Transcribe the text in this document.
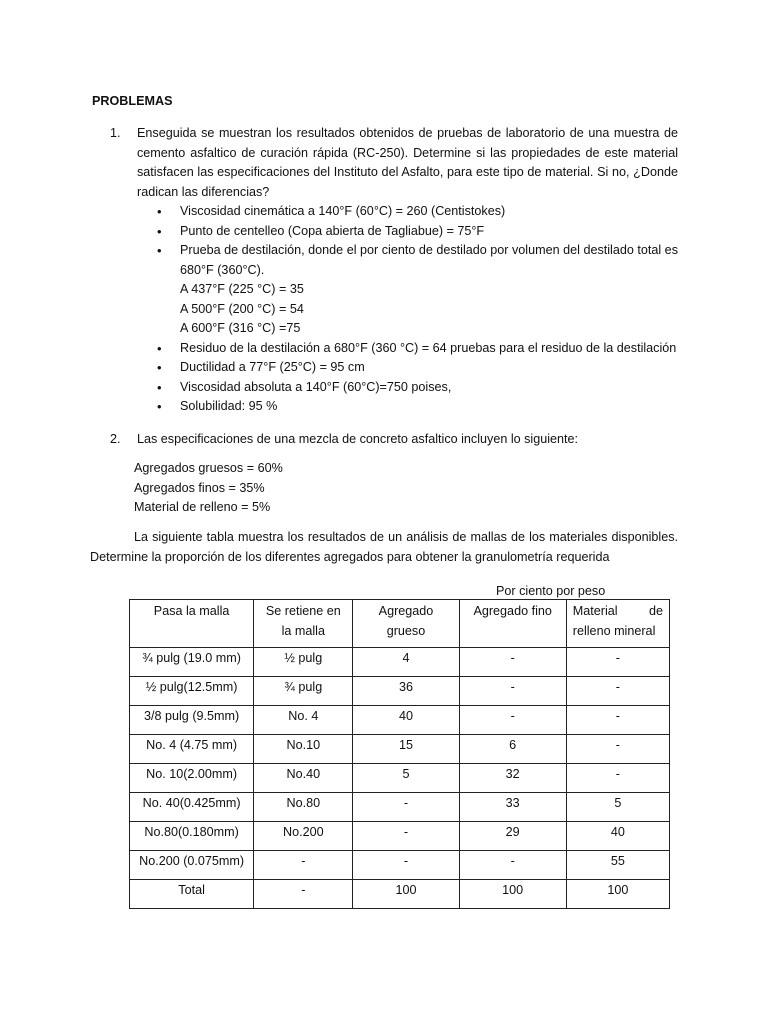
PROBLEMAS
1. Enseguida se muestran los resultados obtenidos de pruebas de laboratorio de una muestra de cemento asfaltico de curación rápida (RC-250). Determine si las propiedades de este material satisfacen las especificaciones del Instituto del Asfalto, para este tipo de material. Si no, ¿Donde radican las diferencias?
• Viscosidad cinemática a 140°F (60°C) = 260 (Centistokes)
• Punto de centelleo (Copa abierta de Tagliabue) = 75°F
• Prueba de destilación, donde el por ciento de destilado por volumen del destilado total es 680°F (360°C).
A 437°F (225 °C) = 35
A 500°F (200 °C) = 54
A 600°F (316 °C) =75
• Residuo de la destilación a 680°F (360 °C) = 64 pruebas para el residuo de la destilación
• Ductilidad a 77°F (25°C) = 95 cm
• Viscosidad absoluta a 140°F (60°C)=750 poises,
• Solubilidad: 95 %
2. Las especificaciones de una mezcla de concreto asfaltico incluyen lo siguiente:
Agregados gruesos = 60%
Agregados finos = 35%
Material de relleno = 5%
La siguiente tabla muestra los resultados de un análisis de mallas de los materiales disponibles. Determine la proporción de los diferentes agregados para obtener la granulometría requerida
Por ciento por peso
Pasa la malla	Se retiene en la malla	Agregado grueso	Agregado fino	Material de relleno mineral
¾ pulg (19.0 mm)	½ pulg	4	-	-
½ pulg(12.5mm)	¾ pulg	36	-	-
3/8 pulg (9.5mm)	No. 4	40	-	-
No. 4 (4.75 mm)	No.10	15	6	-
No. 10(2.00mm)	No.40	5	32	-
No. 40(0.425mm)	No.80	-	33	5
No.80(0.180mm)	No.200	-	29	40
No.200 (0.075mm)	-	-	-	55
Total	-	100	100	100
